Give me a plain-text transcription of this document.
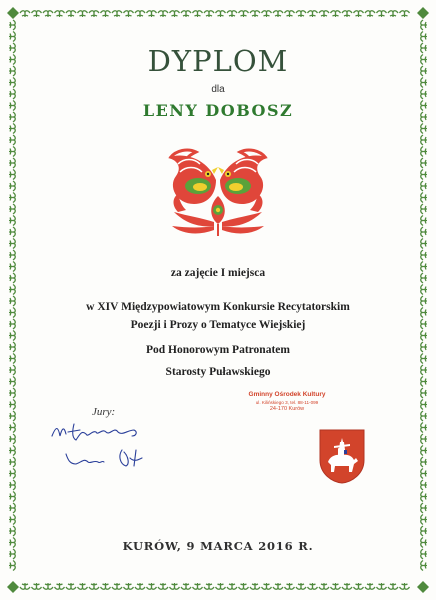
DYPLOM
dla
LENY DOBOSZ
za zajęcie I miejsca
w XIV Międzypowiatowym Konkursie Recytatorskim
Poezji i Prozy o Tematyce Wiejskiej
Pod Honorowym Patronatem
Starosty Puławskiego
Jury:
Gminny Ośrodek Kultury
ul. Kilińskiego 3, tel. 88-11-099
24-170 Kurów
KURÓW, 9 MARCA 2016 R.
